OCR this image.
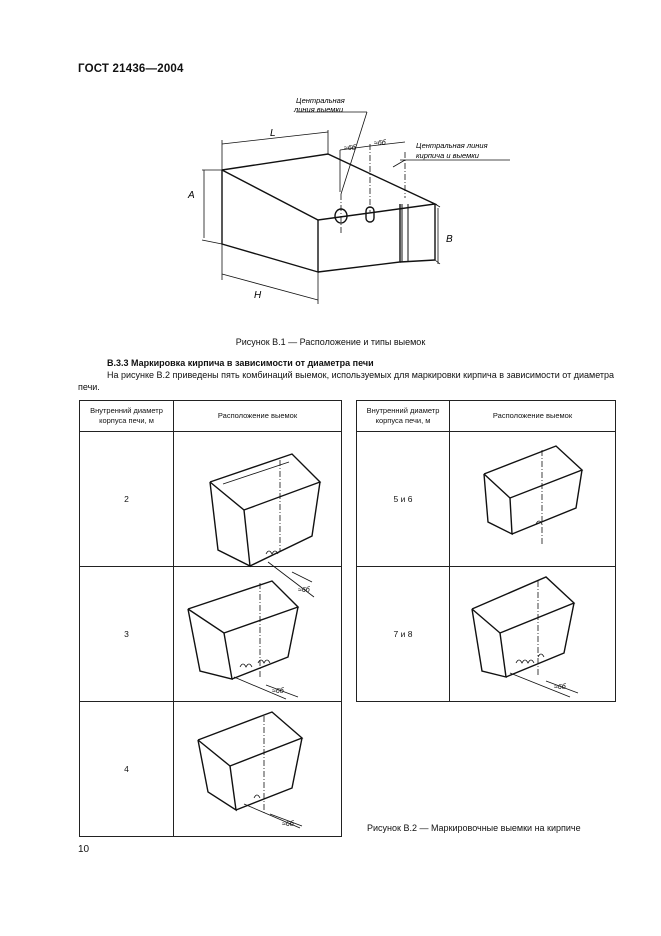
ГОСТ 21436—2004
L
A
B
H
Центральная линия выемки
Центральная линия кирпича и выемки
≈6б
≈6б
Рисунок В.1 — Расположение и типы выемок
В.3.3 Маркировка кирпича в зависимости от диаметра печи
На рисунке В.2 приведены пять комбинаций выемок, используемых для маркировки кирпича в зависимости от диаметра печи.
Внутренний диаметр корпуса печи, м	Расположение выемок
2	≈6б

3	≈6б

4	≈6б
Внутренний диаметр корпуса печи, м	Расположение выемок
5 и 6	

7 и 8	≈6б
Рисунок В.2 — Маркировочные выемки на кирпиче
10
